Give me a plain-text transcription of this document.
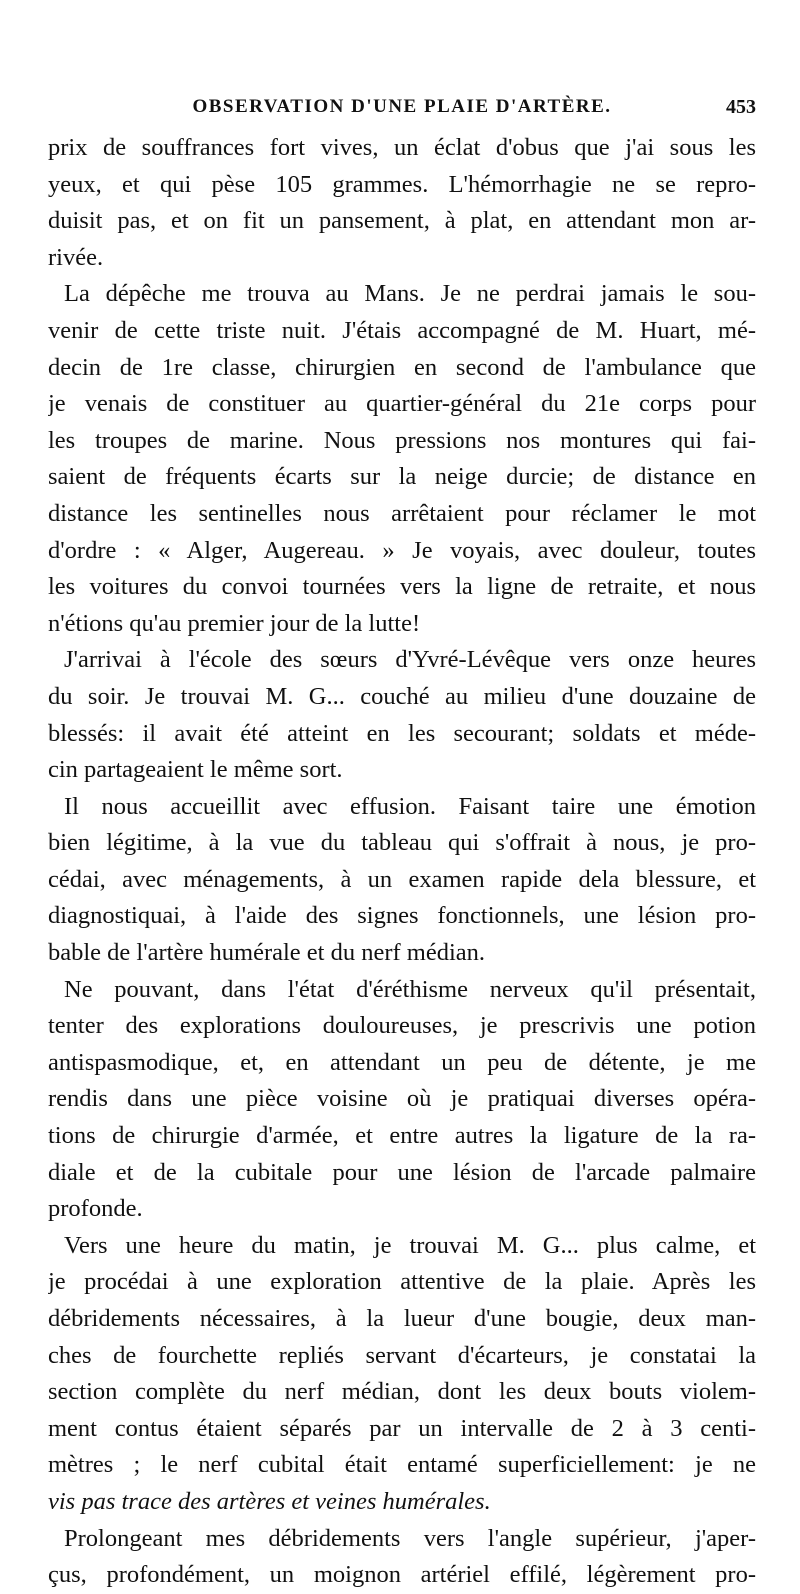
OBSERVATION D'UNE PLAIE D'ARTÈRE.	453
prix de souffrances fort vives, un éclat d'obus que j'ai sous les
yeux, et qui pèse 105 grammes. L'hémorrhagie ne se repro-
duisit pas, et on fit un pansement, à plat, en attendant mon ar-
rivée.
La dépêche me trouva au Mans. Je ne perdrai jamais le sou-
venir de cette triste nuit. J'étais accompagné de M. Huart, mé-
decin de 1re classe, chirurgien en second de l'ambulance que
je venais de constituer au quartier-général du 21e corps pour
les troupes de marine. Nous pressions nos montures qui fai-
saient de fréquents écarts sur la neige durcie; de distance en
distance les sentinelles nous arrêtaient pour réclamer le mot
d'ordre : « Alger, Augereau. » Je voyais, avec douleur, toutes
les voitures du convoi tournées vers la ligne de retraite, et nous
n'étions qu'au premier jour de la lutte!
J'arrivai à l'école des sœurs d'Yvré-Lévêque vers onze heures
du soir. Je trouvai M. G... couché au milieu d'une douzaine de
blessés: il avait été atteint en les secourant; soldats et méde-
cin partageaient le même sort.
Il nous accueillit avec effusion. Faisant taire une émotion
bien légitime, à la vue du tableau qui s'offrait à nous, je pro-
cédai, avec ménagements, à un examen rapide dela blessure, et
diagnostiquai, à l'aide des signes fonctionnels, une lésion pro-
bable de l'artère humérale et du nerf médian.
Ne pouvant, dans l'état d'éréthisme nerveux qu'il présentait,
tenter des explorations douloureuses, je prescrivis une potion
antispasmodique, et, en attendant un peu de détente, je me
rendis dans une pièce voisine où je pratiquai diverses opéra-
tions de chirurgie d'armée, et entre autres la ligature de la ra-
diale et de la cubitale pour une lésion de l'arcade palmaire
profonde.
Vers une heure du matin, je trouvai M. G... plus calme, et
je procédai à une exploration attentive de la plaie. Après les
débridements nécessaires, à la lueur d'une bougie, deux man-
ches de fourchette repliés servant d'écarteurs, je constatai la
section complète du nerf médian, dont les deux bouts violem-
ment contus étaient séparés par un intervalle de 2 à 3 centi-
mètres ; le nerf cubital était entamé superficiellement: je ne
vis pas trace des artères et veines humérales.
Prolongeant mes débridements vers l'angle supérieur, j'aper-
çus, profondément, un moignon artériel effilé, légèrement pro-
